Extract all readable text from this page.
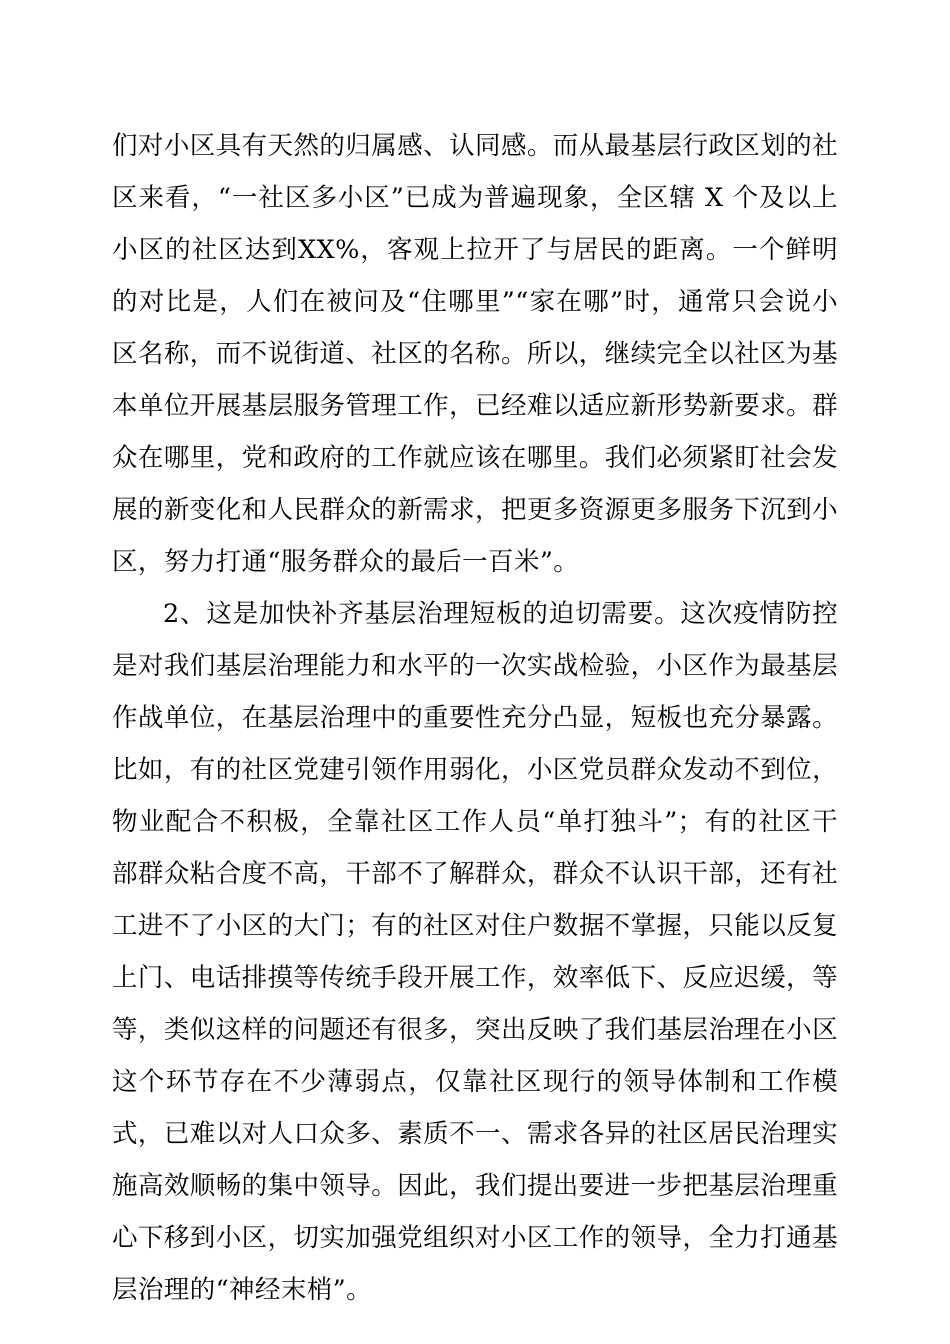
们对小区具有天然的归属感、认同感。而从最基层行政区划的社区来看，“一社区多小区”已成为普遍现象，全区辖 X 个及以上小区的社区达到XX%，客观上拉开了与居民的距离。一个鲜明的对比是，人们在被问及“住哪里”“家在哪”时，通常只会说小区名称，而不说街道、社区的名称。所以，继续完全以社区为基本单位开展基层服务管理工作，已经难以适应新形势新要求。群众在哪里，党和政府的工作就应该在哪里。我们必须紧盯社会发展的新变化和人民群众的新需求，把更多资源更多服务下沉到小区，努力打通“服务群众的最后一百米”。

2、这是加快补齐基层治理短板的迫切需要。这次疫情防控是对我们基层治理能力和水平的一次实战检验，小区作为最基层作战单位，在基层治理中的重要性充分凸显，短板也充分暴露。比如，有的社区党建引领作用弱化，小区党员群众发动不到位，物业配合不积极，全靠社区工作人员“单打独斗”；有的社区干部群众粘合度不高，干部不了解群众，群众不认识干部，还有社工进不了小区的大门；有的社区对住户数据不掌握，只能以反复上门、电话排摸等传统手段开展工作，效率低下、反应迟缓，等等，类似这样的问题还有很多，突出反映了我们基层治理在小区这个环节存在不少薄弱点，仅靠社区现行的领导体制和工作模式，已难以对人口众多、素质不一、需求各异的社区居民治理实施高效顺畅的集中领导。因此，我们提出要进一步把基层治理重心下移到小区，切实加强党组织对小区工作的领导，全力打通基层治理的“神经末梢”。
